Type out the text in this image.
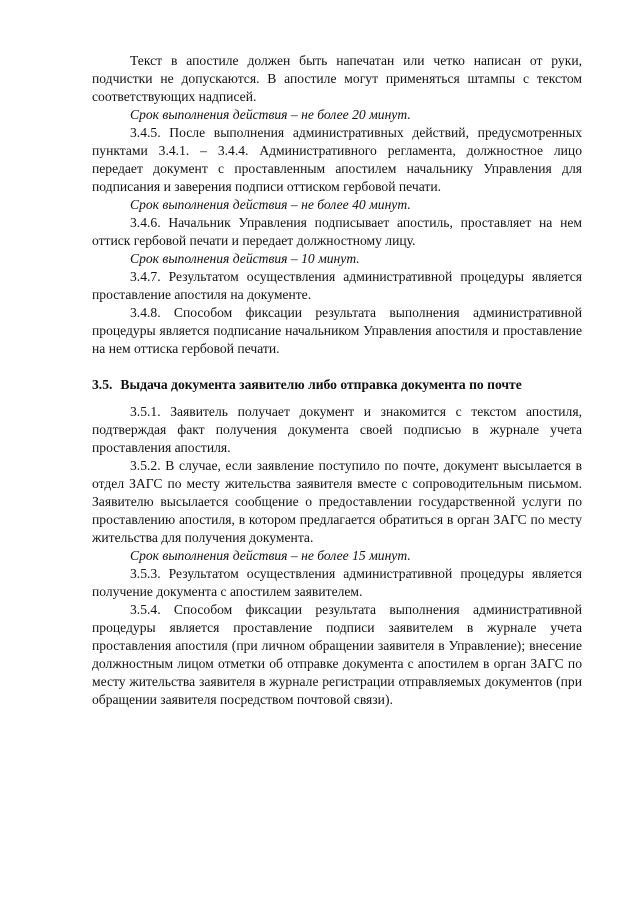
Текст в апостиле должен быть напечатан или четко написан от руки, подчистки не допускаются. В апостиле могут применяться штампы с текстом соответствующих надписей.

Срок выполнения действия – не более 20 минут.

3.4.5. После выполнения административных действий, предусмотренных пунктами 3.4.1. – 3.4.4. Административного регламента, должностное лицо передает документ с проставленным апостилем начальнику Управления для подписания и заверения подписи оттиском гербовой печати.

Срок выполнения действия – не более 40 минут.

3.4.6. Начальник Управления подписывает апостиль, проставляет на нем оттиск гербовой печати и передает должностному лицу.

Срок выполнения действия – 10 минут.

3.4.7. Результатом осуществления административной процедуры является проставление апостиля на документе.

3.4.8. Способом фиксации результата выполнения административной процедуры является подписание начальником Управления апостиля и проставление на нем оттиска гербовой печати.

3.5. Выдача документа заявителю либо отправка документа по почте

3.5.1. Заявитель получает документ и знакомится с текстом апостиля, подтверждая факт получения документа своей подписью в журнале учета проставления апостиля.

3.5.2. В случае, если заявление поступило по почте, документ высылается в отдел ЗАГС по месту жительства заявителя вместе с сопроводительным письмом. Заявителю высылается сообщение о предоставлении государственной услуги по проставлению апостиля, в котором предлагается обратиться в орган ЗАГС по месту жительства для получения документа.

Срок выполнения действия – не более 15 минут.

3.5.3. Результатом осуществления административной процедуры является получение документа с апостилем заявителем.

3.5.4. Способом фиксации результата выполнения административной процедуры является проставление подписи заявителем в журнале учета проставления апостиля (при личном обращении заявителя в Управление); внесение должностным лицом отметки об отправке документа с апостилем в орган ЗАГС по месту жительства заявителя в журнале регистрации отправляемых документов (при обращении заявителя посредством почтовой связи).
